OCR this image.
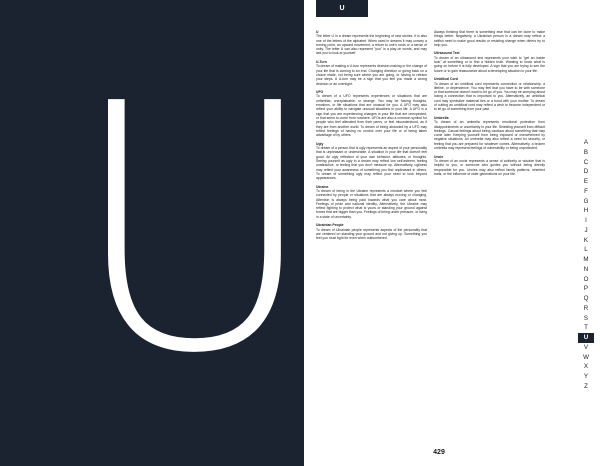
U
U
U
The letter U in a dream represents the beginning of new stories. It is also one of the letters of the alphabet. When used in dreams it may convey a turning point, an upward movement, a return to one's roots or a sense of unity. The letter U can also represent "you" in a play on words, and may ask you to look at yourself.
U-Turn
To dream of making a U-turn represents decision-making or the change of your life that is coming to an end. Changing direction or going back on a choice made, not being sure where you are going, or having to retrace your steps. A U-turn may be a sign that you feel you made a wrong decision or an oversight.
UFO
To dream of a UFO represents experiences or situations that are unfamiliar, unexplainable, or strange. You may be having thoughts, emotions, or life situations that are unusual for you. A UFO may also reflect your ability to navigate unusual situations in your life. A UFO is a sign that you are experiencing changes in your life that are unexpected, or that seem to come from nowhere. UFOs are also a common symbol for people who feel alienated from their peers, or feel misunderstood, as if they are from another world. To dream of being abducted by a UFO may reflect feelings of having no control over your life or of being taken advantage of by others.
Ugly
To dream of a person that is ugly represents an aspect of your personality that is unpleasant or undesirable. A situation in your life that doesn't feel good. An ugly reflection of your own behavior, attitudes, or thoughts. Seeing yourself as ugly in a dream may reflect low self-esteem, feeling unattractive, or feeling that you don't measure up. Alternatively, ugliness may reflect your awareness of something you find unpleasant in others. To dream of something ugly may reflect your need to look beyond appearances.
Ukraine
To dream of being in the Ukraine represents a mindset where you feel connected by people or situations that are always moving or changing. Attention is always being paid towards what you care about most. Feelings of pride and national identity. Alternatively, the Ukraine may reflect fighting to protect what is yours or standing your ground against forces that are bigger than you. Feelings of being under pressure, or living in a state of uncertainty.
Ukrainian People
To dream of Ukrainian people represents aspects of the personality that are centered on standing your ground and not giving up. Something you feel you must fight for even when outnumbered.
Always thinking that there is something else that can be done to make things better. Negatively, a Ukrainian person in a dream may reflect a selfish need to make good results or resisting change when others try to help you.
Ultrasound Test
To dream of an ultrasound test represents your wish to "get an inside look" at something or to find a hidden truth. Wanting to know what is going on before it is fully developed. A sign that you are trying to see the future or to gain reassurance about a developing situation in your life.
Umbilical Cord
To dream of an umbilical cord represents connection or relationship, a lifeline, or dependence. You may feel that you have to be with someone or that someone doesn't want to let go of you. You may be worrying about losing a connection that is important to you. Alternatively, an umbilical cord may symbolize maternal ties or a bond with your mother. To dream of cutting an umbilical cord may reflect a wish to become independent or to let go of something from your past.
Umbrella
To dream of an umbrella represents emotional protection from disappointments or uncertainty in your life. Shielding yourself from difficult feelings. Casual feelings about being cautious about something that may come later. Keeping yourself from being exposed or overwhelmed by negative situations. An umbrella may also reflect a need for security, or feeling that you are prepared for whatever comes. Alternatively, a broken umbrella may represent feelings of vulnerability or being unprotected.
Uncle
To dream of an uncle represents a sense of authority or wisdom that is helpful to you, or someone who guides you without being directly responsible for you. Uncles may also reflect family patterns, inherited traits, or the influence of older generations on your life.
A
B
C
D
E
F
G
H
I
J
K
L
M
N
O
P
Q
R
S
T
U
V
W
X
Y
Z
429
